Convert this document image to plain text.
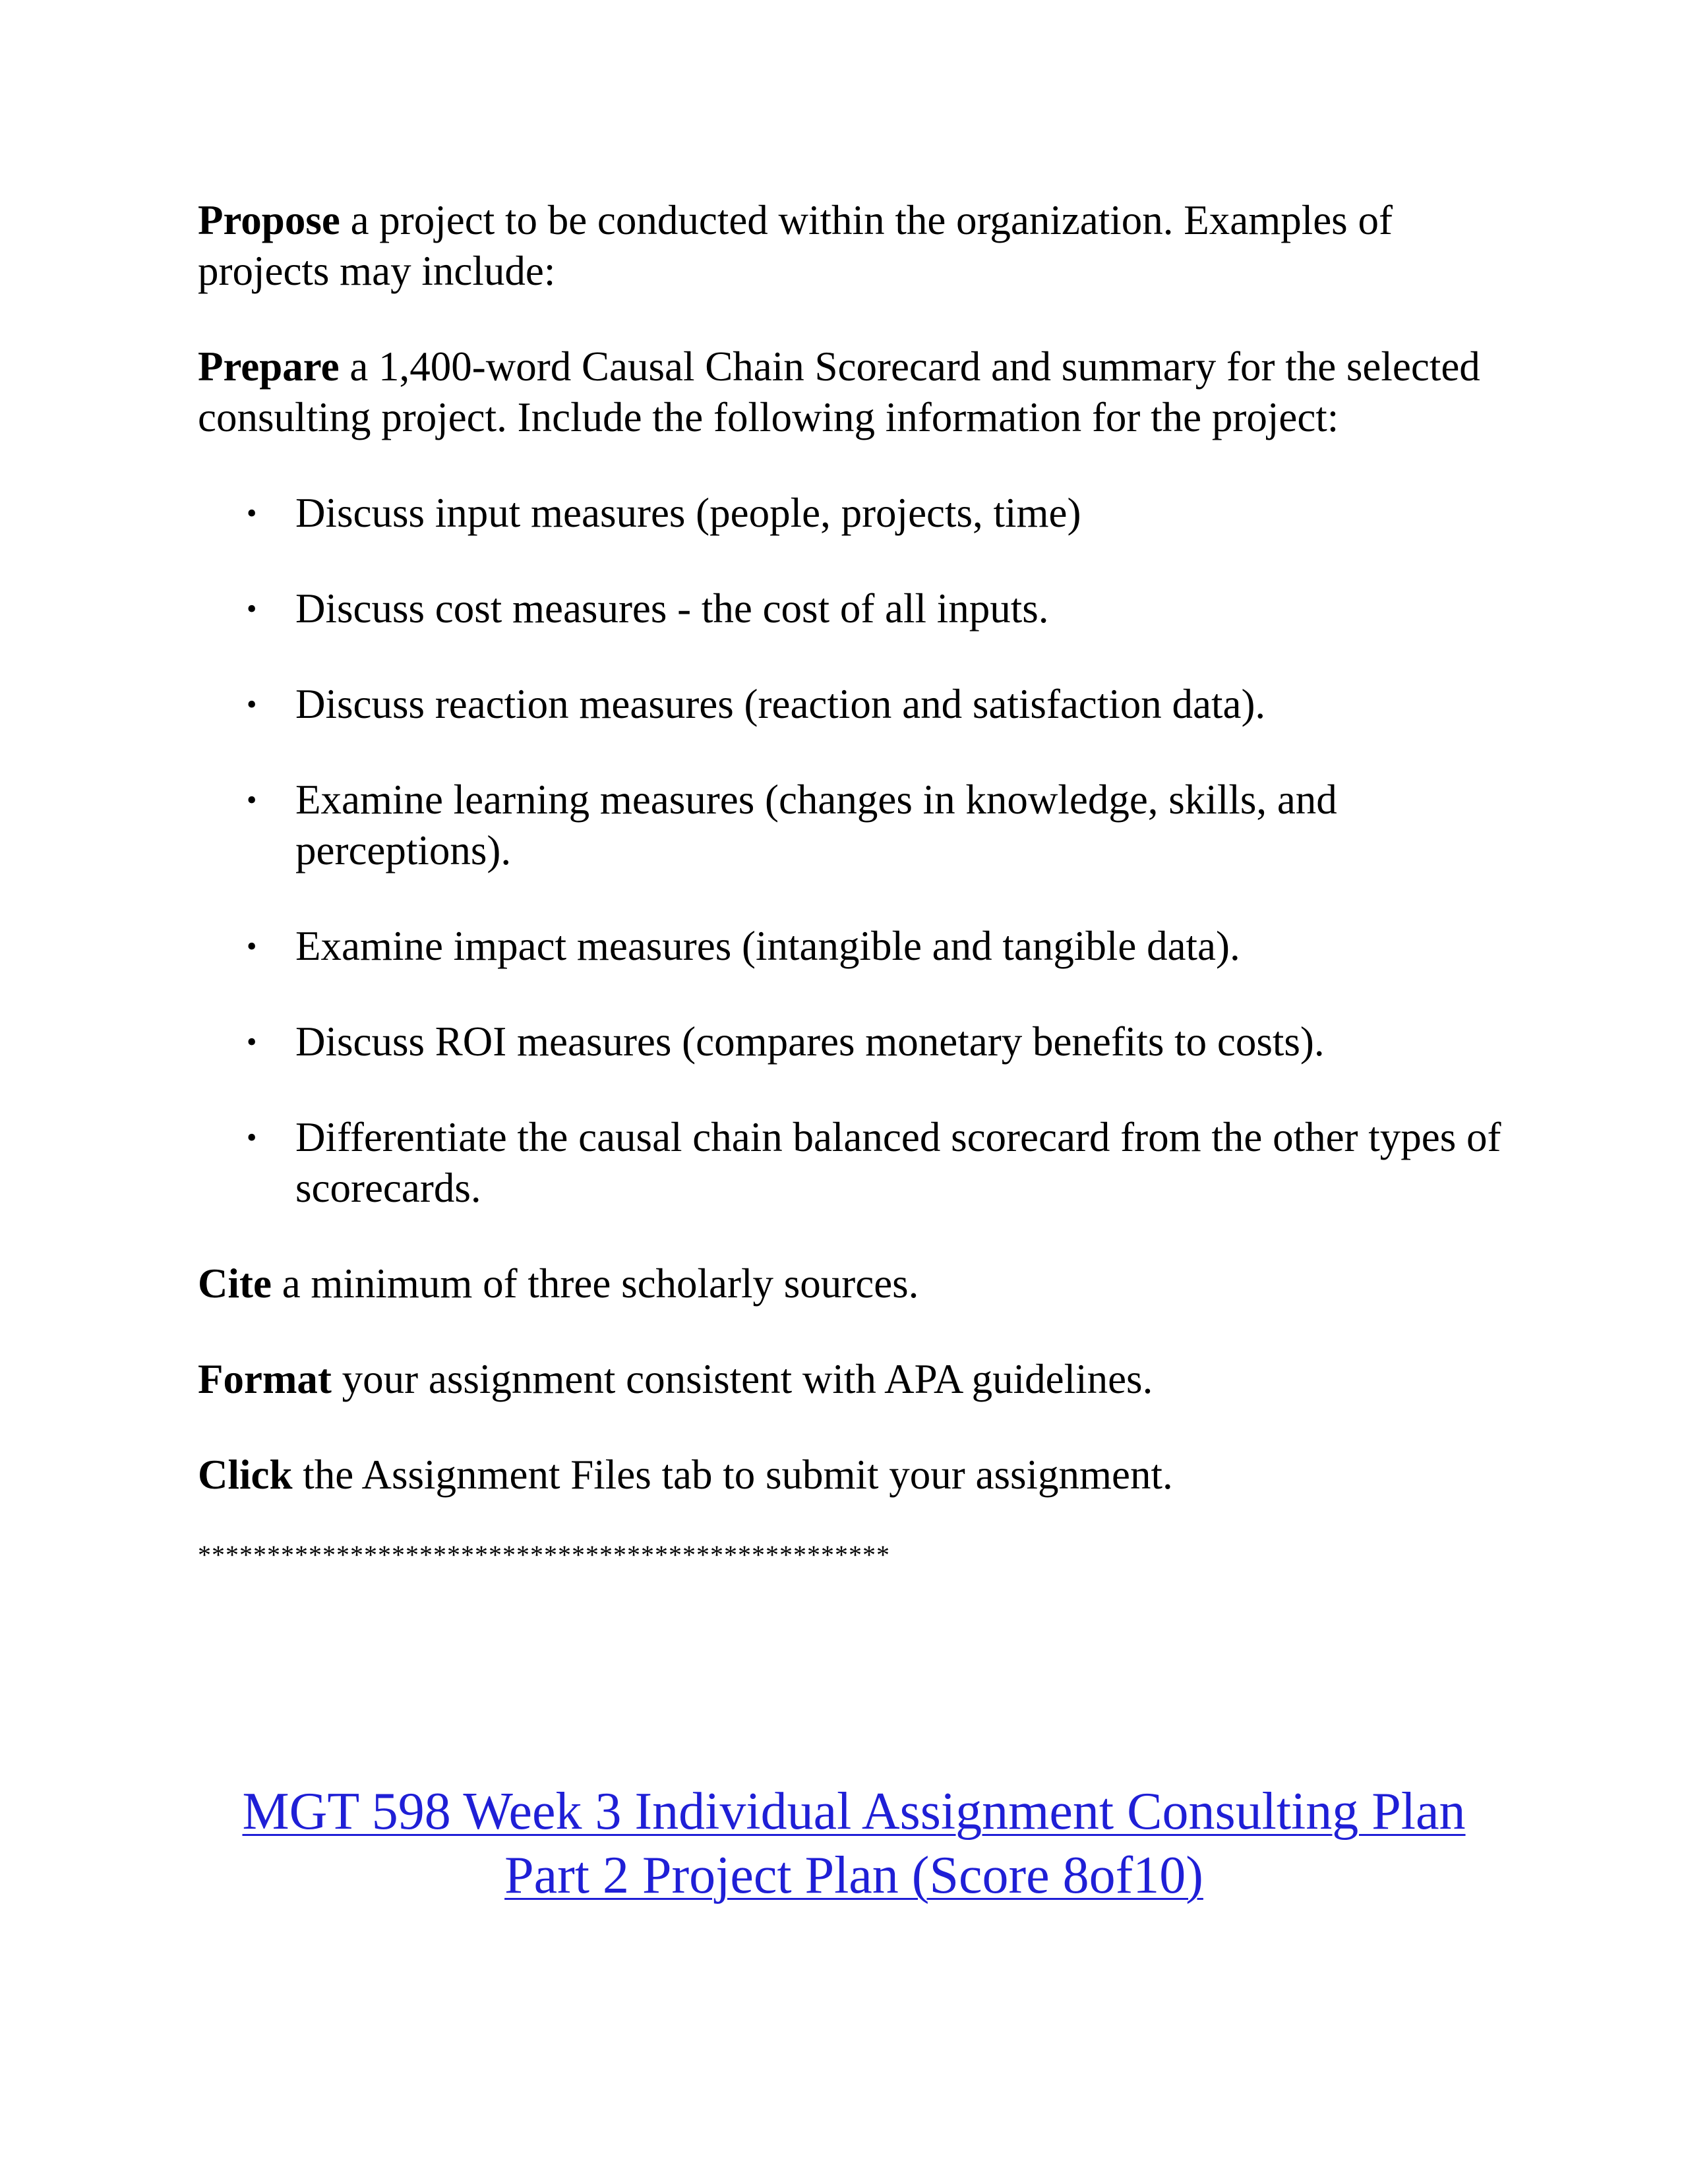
Propose a project to be conducted within the organization. Examples of projects may include:

Prepare a 1,400-word Causal Chain Scorecard and summary for the selected consulting project. Include the following information for the project:

• Discuss input measures (people, projects, time)
• Discuss cost measures - the cost of all inputs.
• Discuss reaction measures (reaction and satisfaction data).
• Examine learning measures (changes in knowledge, skills, and perceptions).
• Examine impact measures (intangible and tangible data).
• Discuss ROI measures (compares monetary benefits to costs).
• Differentiate the causal chain balanced scorecard from the other types of scorecards.

Cite a minimum of three scholarly sources.

Format your assignment consistent with APA guidelines.

Click the Assignment Files tab to submit your assignment.

**************************************************
MGT 598 Week 3 Individual Assignment Consulting Plan
Part 2 Project Plan (Score 8of10)
